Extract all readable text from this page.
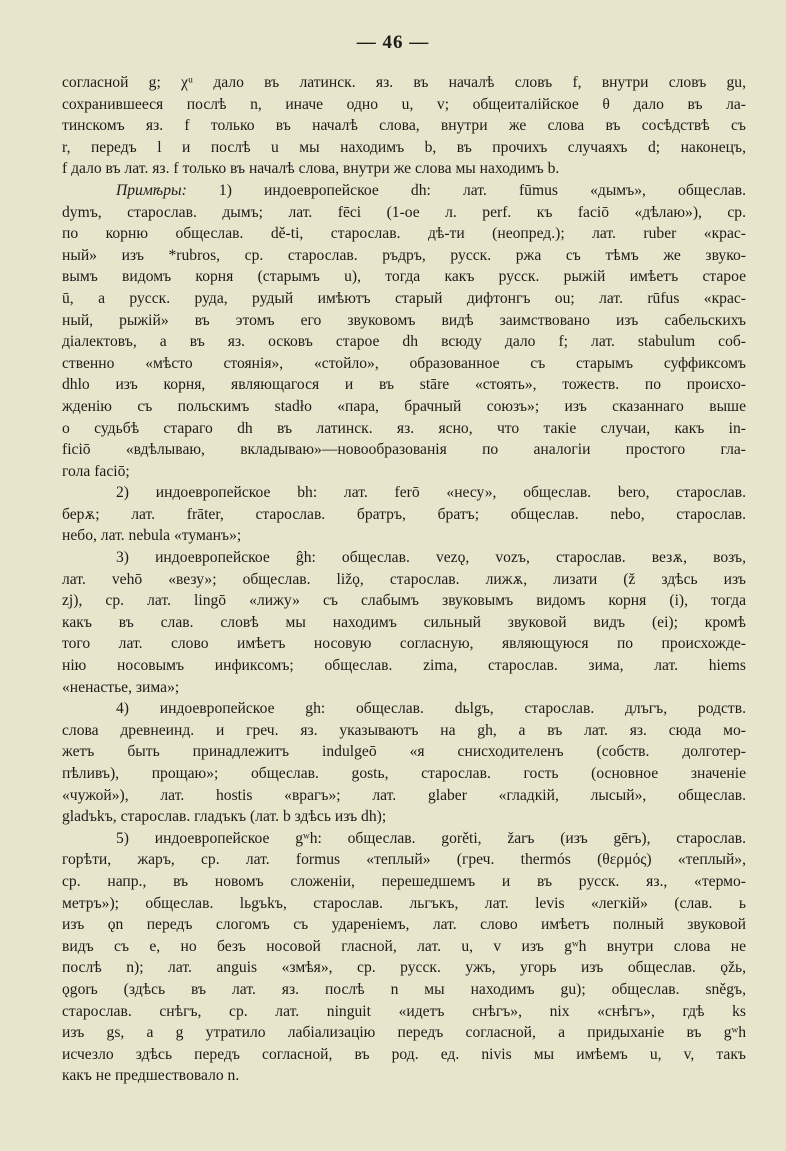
— 46 —
согласной g; χᵘ дало въ латинск. яз. въ началѣ словъ f, внутри словъ gu,
сохранившееся послѣ n, иначе одно u, v; общеиталійское θ дало въ ла-
тинскомъ яз. f только въ началѣ слова, внутри же слова въ сосѣдствѣ съ
r, передъ l и послѣ u мы находимъ b, въ прочихъ случаяхъ d; наконецъ,
f дало въ лат. яз. f только въ началѣ слова, внутри же слова мы находимъ b.
Примѣры: 1) индоевропейское dh: лат. fūmus «дымъ», общеслав.
dymъ, старослав. дымъ; лат. fēci (1-ое л. perf. къ faciō «дѣлаю»), ср.
по корню общеслав. dě-ti, старослав. дѣ-ти (неопред.); лат. ruber «крас-
ный» изъ *rubros, ср. старослав. ръдръ, русск. ржа съ тѣмъ же звуко-
вымъ видомъ корня (старымъ u), тогда какъ русск. рыжій имѣетъ старое
ū, а русск. руда, рудый имѣютъ старый дифтонгъ ou; лат. rūfus «крас-
ный, рыжій» въ этомъ его звуковомъ видѣ заимствовано изъ сабельскихъ
діалектовъ, а въ яз. осковъ старое dh всюду дало f; лат. stabulum соб-
ственно «мѣсто стоянія», «стойло», образованное съ старымъ суффиксомъ
dhlo изъ корня, являющагося и въ stāre «стоять», тожеств. по происхо-
жденію съ польскимъ stadło «пара, брачный союзъ»; изъ сказаннаго выше
о судьбѣ стараго dh въ латинск. яз. ясно, что такіе случаи, какъ in-
ficiō «вдѣлываю, вкладываю»—новообразованія по аналогіи простого гла-
гола faciō;
2) индоевропейское bh: лат. ferō «несу», общеслав. bero, старослав.
берѫ; лат. frāter, старослав. братръ, братъ; общеслав. nebo, старослав.
небо, лат. nebula «туманъ»;
3) индоевропейское ĝh: общеслав. vezǫ, vozъ, старослав. везѫ, возъ,
лат. vehō «везу»; общеслав. ližǫ, старослав. лижѫ, лизати (ž здѣсь изъ
zj), ср. лат. lingō «лижу» съ слабымъ звуковымъ видомъ корня (i), тогда
какъ въ слав. словѣ мы находимъ сильный звуковой видъ (ei); кромѣ
того лат. слово имѣетъ носовую согласную, являющуюся по происхожде-
нію носовымъ инфиксомъ; общеслав. zima, старослав. зима, лат. hiems
«ненастье, зима»;
4) индоевропейское gh: общеслав. dьlgъ, старослав. длъгъ, родств.
слова древнеинд. и греч. яз. указываютъ на gh, а въ лат. яз. сюда мо-
жетъ быть принадлежитъ indulgeō «я снисходителенъ (собств. долготер-
пѣливъ), прощаю»; общеслав. gostь, старослав. гость (основное значеніе
«чужой»), лат. hostis «врагъ»; лат. glaber «гладкій, лысый», общеслав.
gladъkъ, старослав. гладъкъ (лат. b здѣсь изъ dh);
5) индоевропейское gʷh: общеслав. gorěti, žarъ (изъ gērъ), старослав.
горѣти, жаръ, ср. лат. formus «теплый» (греч. thermós (θερμός) «теплый»,
ср. напр., въ новомъ сложеніи, перешедшемъ и въ русск. яз., «термо-
метръ»); общеслав. lьgъkъ, старослав. льгъкъ, лат. levis «легкій» (слав. ь
изъ ǫn передъ слогомъ съ удареніемъ, лат. слово имѣетъ полный звуковой
видъ съ e, но безъ носовой гласной, лат. u, v изъ gʷh внутри слова не
послѣ n); лат. anguis «змѣя», ср. русск. ужъ, угорь изъ общеслав. ǫžь,
ǫgorь (здѣсь въ лат. яз. послѣ n мы находимъ gu); общеслав. sněgъ,
старослав. снѣгъ, ср. лат. ninguit «идетъ снѣгъ», nix «снѣгъ», гдѣ ks
изъ gs, а g утратило лабіализацію передъ согласной, а придыханіе въ gʷh
исчезло здѣсь передъ согласной, въ род. ед. nivis мы имѣемъ u, v, такъ
какъ не предшествовало n.
